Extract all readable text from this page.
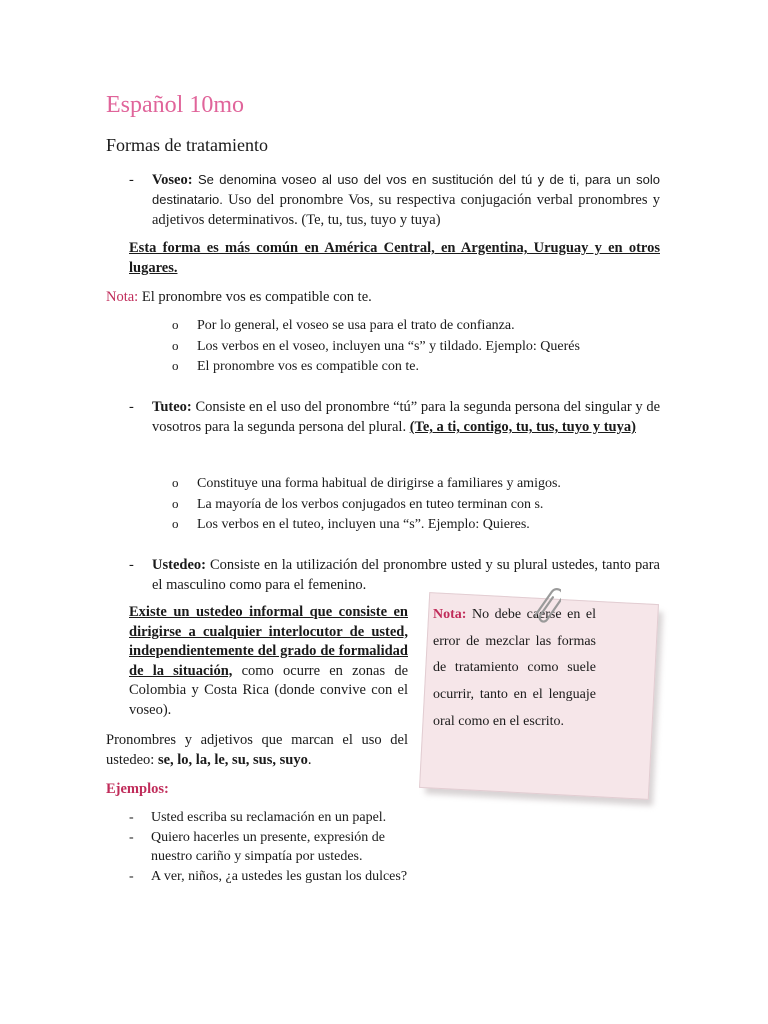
Español 10mo
Formas de tratamiento
- Voseo: Se denomina voseo al uso del vos en sustitución del tú y de ti, para un solo destinatario. Uso del pronombre Vos, su respectiva conjugación verbal pronombres y adjetivos determinativos. (Te, tu, tus, tuyo y tuya)
Esta forma es más común en América Central, en Argentina, Uruguay y en otros lugares.
Nota: El pronombre vos es compatible con te.
o Por lo general, el voseo se usa para el trato de confianza.
o Los verbos en el voseo, incluyen una “s” y tildado. Ejemplo: Querés
o El pronombre vos es compatible con te.
- Tuteo: Consiste en el uso del pronombre “tú” para la segunda persona del singular y de vosotros para la segunda persona del plural. (Te, a ti, contigo, tu, tus, tuyo y tuya)
o Constituye una forma habitual de dirigirse a familiares y amigos.
o La mayoría de los verbos conjugados en tuteo terminan con s.
o Los verbos en el tuteo, incluyen una “s”. Ejemplo: Quieres.
- Ustedeo: Consiste en la utilización del pronombre usted y su plural ustedes, tanto para el masculino como para el femenino.
Existe un ustedeo informal que consiste en dirigirse a cualquier interlocutor de usted, independientemente del grado de formalidad de la situación, como ocurre en zonas de Colombia y Costa Rica (donde convive con el voseo).
Pronombres y adjetivos que marcan el uso del ustedeo: se, lo, la, le, su, sus, suyo.
Ejemplos:
- Usted escriba su reclamación en un papel.
- Quiero hacerles un presente, expresión de nuestro cariño y simpatía por ustedes.
- A ver, niños, ¿a ustedes les gustan los dulces?
Nota: No debe caerse en el error de mezclar las formas de tratamiento como suele ocurrir, tanto en el lenguaje oral como en el escrito.
